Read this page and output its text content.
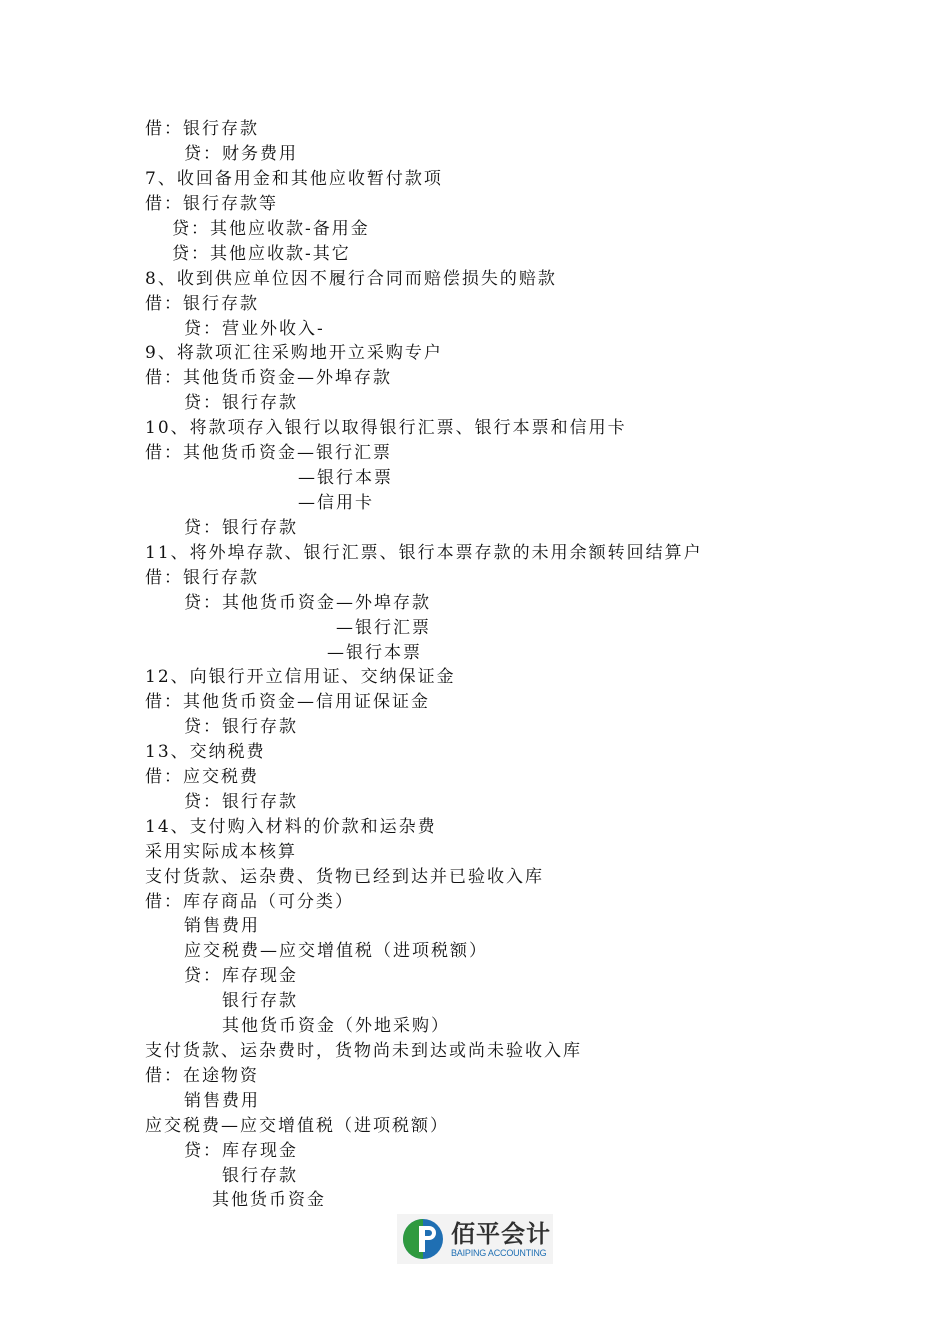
借：银行存款
贷：财务费用
7、收回备用金和其他应收暂付款项
借：银行存款等
贷：其他应收款-备用金
贷：其他应收款-其它
8、收到供应单位因不履行合同而赔偿损失的赔款
借：银行存款
贷：营业外收入-
9、将款项汇往采购地开立采购专户
借：其他货币资金—外埠存款
贷：银行存款
10、将款项存入银行以取得银行汇票、银行本票和信用卡
借：其他货币资金—银行汇票
—银行本票
—信用卡
贷：银行存款
11、将外埠存款、银行汇票、银行本票存款的未用余额转回结算户
借：银行存款
贷：其他货币资金—外埠存款
—银行汇票
—银行本票
12、向银行开立信用证、交纳保证金
借：其他货币资金—信用证保证金
贷：银行存款
13、交纳税费
借：应交税费
贷：银行存款
14、支付购入材料的价款和运杂费
采用实际成本核算
支付货款、运杂费、货物已经到达并已验收入库
借：库存商品（可分类）
销售费用
应交税费—应交增值税（进项税额）
贷：库存现金
银行存款
其他货币资金（外地采购）
支付货款、运杂费时，货物尚未到达或尚未验收入库
借：在途物资
销售费用
应交税费—应交增值税（进项税额）
贷：库存现金
银行存款
其他货币资金
佰平会计
BAIPING ACCOUNTING
